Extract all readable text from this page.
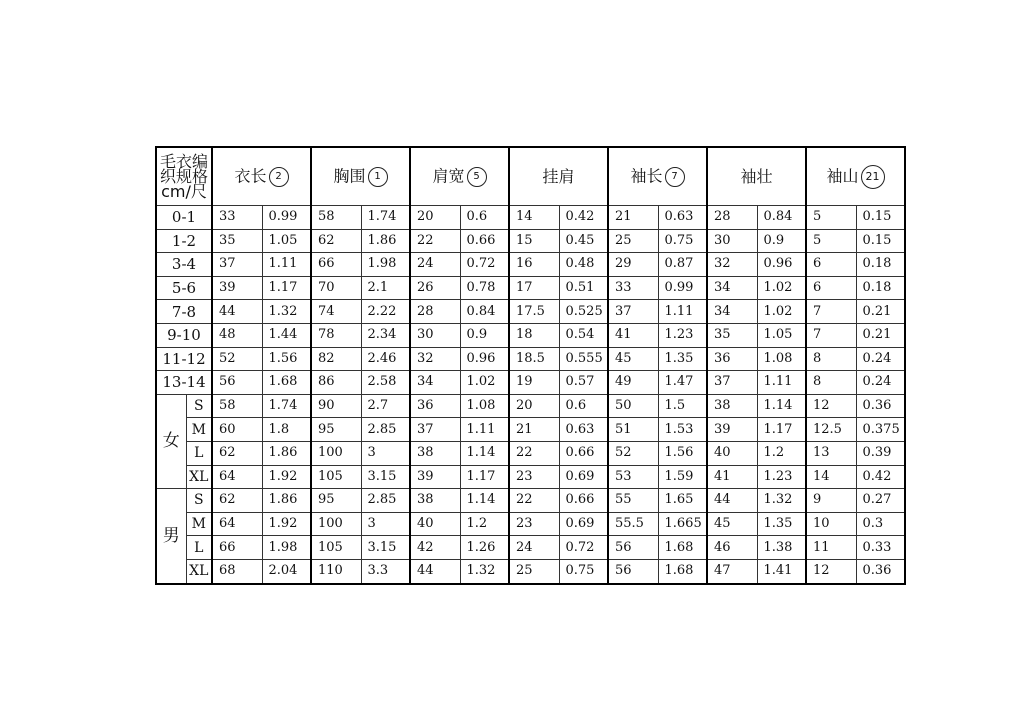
毛衣编
织规格
cm/尺		衣长 2		胸围 1		肩宽 5		挂肩		袖长 7		袖壮		袖山 21	
0-1		33	0.99	58	1.74	20	0.6	14	0.42	21	0.63	28	0.84	5	0.15
1-2		35	1.05	62	1.86	22	0.66	15	0.45	25	0.75	30	0.9	5	0.15
3-4		37	1.11	66	1.98	24	0.72	16	0.48	29	0.87	32	0.96	6	0.18
5-6		39	1.17	70	2.1	26	0.78	17	0.51	33	0.99	34	1.02	6	0.18
7-8		44	1.32	74	2.22	28	0.84	17.5	0.525	37	1.11	34	1.02	7	0.21
9-10		48	1.44	78	2.34	30	0.9	18	0.54	41	1.23	35	1.05	7	0.21
11-12		52	1.56	82	2.46	32	0.96	18.5	0.555	45	1.35	36	1.08	8	0.24
13-14		56	1.68	86	2.58	34	1.02	19	0.57	49	1.47	37	1.11	8	0.24
女	S	58	1.74	90	2.7	36	1.08	20	0.6	50	1.5	38	1.14	12	0.36
	M	60	1.8	95	2.85	37	1.11	21	0.63	51	1.53	39	1.17	12.5	0.375
	L	62	1.86	100	3	38	1.14	22	0.66	52	1.56	40	1.2	13	0.39
	XL	64	1.92	105	3.15	39	1.17	23	0.69	53	1.59	41	1.23	14	0.42
男	S	62	1.86	95	2.85	38	1.14	22	0.66	55	1.65	44	1.32	9	0.27
	M	64	1.92	100	3	40	1.2	23	0.69	55.5	1.665	45	1.35	10	0.3
	L	66	1.98	105	3.15	42	1.26	24	0.72	56	1.68	46	1.38	11	0.33
	XL	68	2.04	110	3.3	44	1.32	25	0.75	56	1.68	47	1.41	12	0.36
